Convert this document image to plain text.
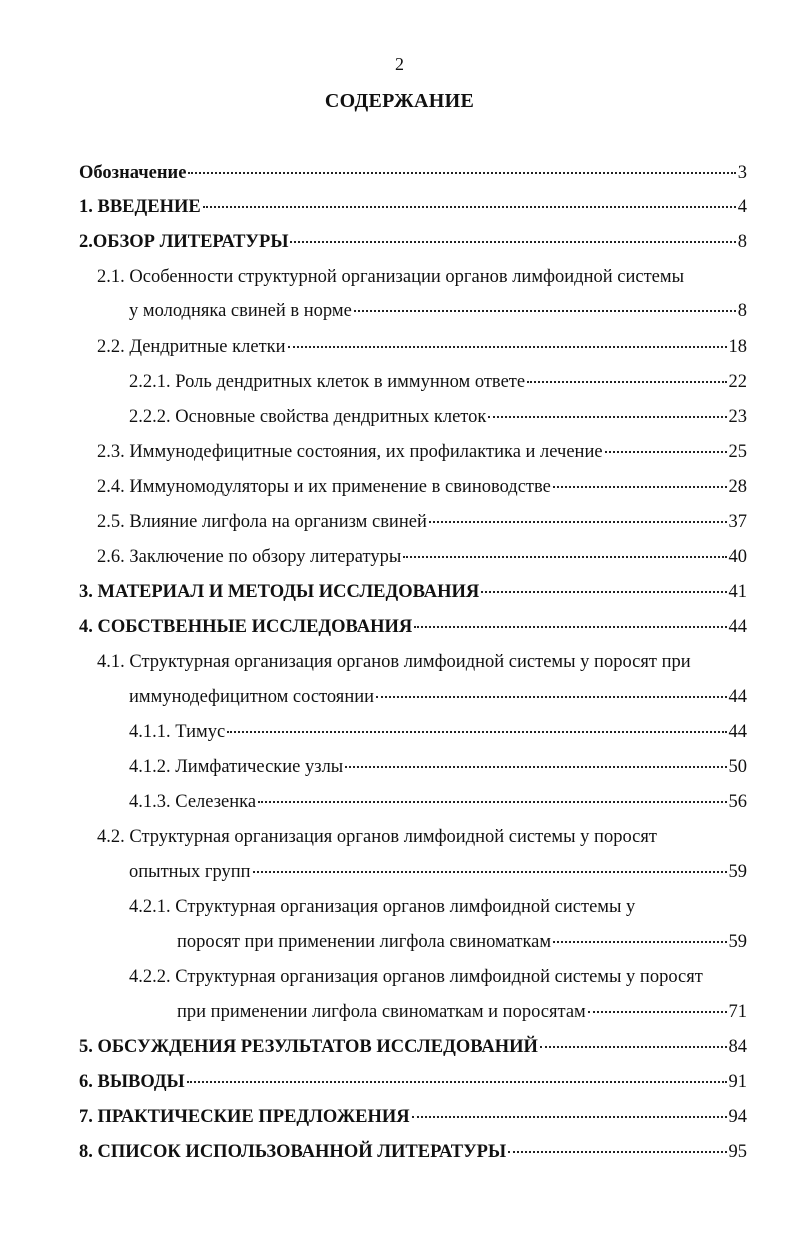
2
СОДЕРЖАНИЕ
Обозначение	3
1. ВВЕДЕНИЕ	4
2.ОБЗОР ЛИТЕРАТУРЫ	8
2.1. Особенности структурной организации органов лимфоидной системы
у молодняка свиней в норме	8
2.2. Дендритные клетки	18
2.2.1. Роль дендритных клеток в иммунном ответе	22
2.2.2. Основные свойства дендритных клеток	23
2.3. Иммунодефицитные состояния, их профилактика и лечение	25
2.4. Иммуномодуляторы и их применение в свиноводстве	28
2.5. Влияние лигфола на организм свиней	37
2.6. Заключение по обзору литературы	40
3. МАТЕРИАЛ И МЕТОДЫ ИССЛЕДОВАНИЯ	41
4. СОБСТВЕННЫЕ ИССЛЕДОВАНИЯ	44
4.1. Структурная организация органов лимфоидной системы у поросят при
иммунодефицитном состоянии	44
4.1.1. Тимус	44
4.1.2. Лимфатические узлы	50
4.1.3. Селезенка	56
4.2. Структурная организация органов лимфоидной системы у поросят
опытных групп	59
4.2.1. Структурная организация органов лимфоидной системы у
поросят при применении лигфола свиноматкам	59
4.2.2. Структурная организация органов лимфоидной системы у поросят
при применении лигфола свиноматкам и поросятам	71
5. ОБСУЖДЕНИЯ РЕЗУЛЬТАТОВ ИССЛЕДОВАНИЙ	84
6. ВЫВОДЫ	91
7. ПРАКТИЧЕСКИЕ ПРЕДЛОЖЕНИЯ	94
8. СПИСОК ИСПОЛЬЗОВАННОЙ ЛИТЕРАТУРЫ	95
